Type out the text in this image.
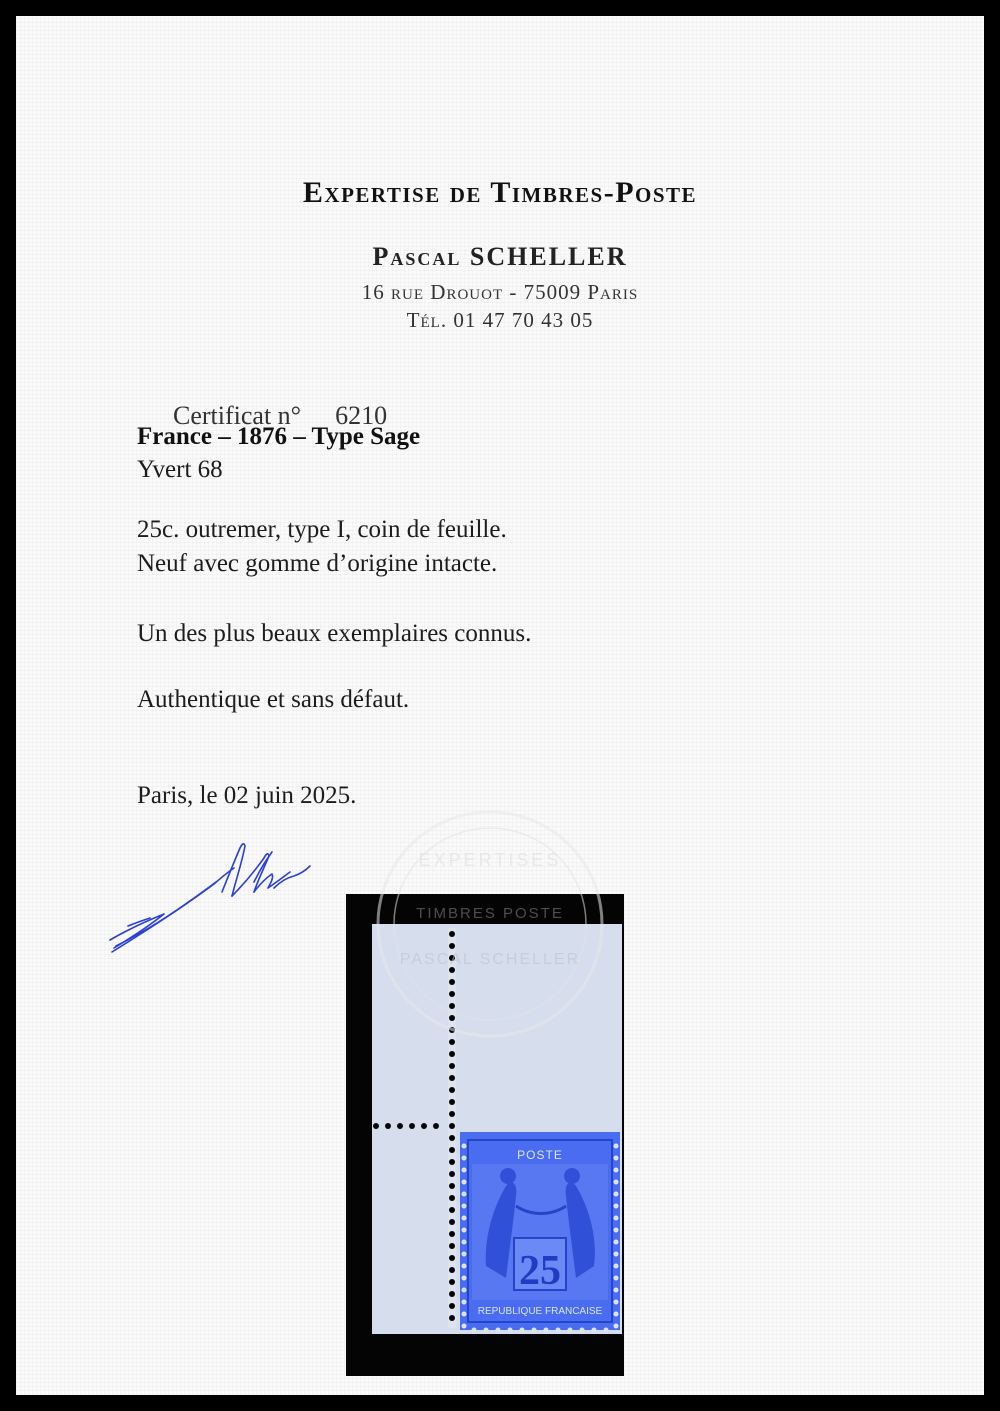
Expertise de Timbres-Poste
Pascal SCHELLER
16 rue Drouot - 75009 Paris
Tél. 01 47 70 43 05
Certificat n° 6210
France – 1876 – Type Sage
Yvert 68
25c. outremer, type I, coin de feuille.
Neuf avec gomme d’origine intacte.
Un des plus beaux exemplaires connus.
Authentique et sans défaut.
Paris, le 02 juin 2025.
POSTE
25
REPUBLIQUE FRANCAISE
EXPERTISES
TIMBRES POSTE
PASCAL SCHELLER
